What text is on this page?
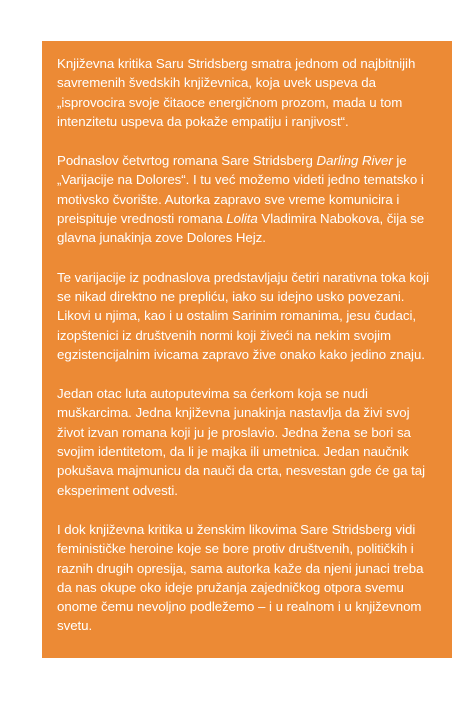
Književna kritika Saru Stridsberg smatra jednom od najbitnijih savremenih švedskih književnica, koja uvek uspeva da „isprovocira svoje čitaoce energičnom prozom, mada u tom intenzitetu uspeva da pokaže empatiju i ranjivost“.

Podnaslov četvrtog romana Sare Stridsberg Darling River je „Varijacije na Dolores“. I tu već možemo videti jedno tematsko i motivsko čvorište. Autorka zapravo sve vreme komunicira i preispituje vrednosti romana Lolita Vladimira Nabokova, čija se glavna junakinja zove Dolores Hejz.

Te varijacije iz podnaslova predstavljaju četiri narativna toka koji se nikad direktno ne prepliću, iako su idejno usko povezani. Likovi u njima, kao i u ostalim Sarinim romanima, jesu čudaci, izopštenici iz društvenih normi koji živeći na nekim svojim egzistencijalnim ivicama zapravo žive onako kako jedino znaju.

Jedan otac luta autoputevima sa ćerkom koja se nudi muškarcima. Jedna književna junakinja nastavlja da živi svoj život izvan romana koji ju je proslavio. Jedna žena se bori sa svojim identitetom, da li je majka ili umetnica. Jedan naučnik pokušava majmunicu da nauči da crta, nesvestan gde će ga taj eksperiment odvesti.

I dok književna kritika u ženskim likovima Sare Stridsberg vidi feminističke heroine koje se bore protiv društvenih, političkih i raznih drugih opresija, sama autorka kaže da njeni junaci treba da nas okupe oko ideje pružanja zajedničkog otpora svemu onome čemu nevoljno podležemo – i u realnom i u književnom svetu.
